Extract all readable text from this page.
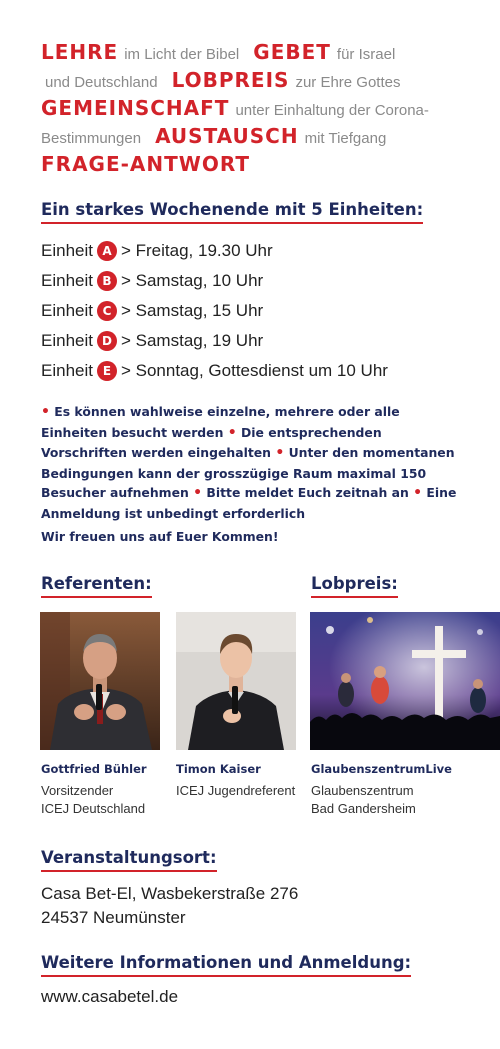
LEHRE im Licht der Bibel GEBET für Israel
und Deutschland LOBPREIS zur Ehre Gottes
GEMEINSCHAFT unter Einhaltung der Corona-
Bestimmungen AUSTAUSCH mit Tiefgang
FRAGE-ANTWORT
Ein starkes Wochenende mit 5 Einheiten:
Einheit A > Freitag, 19.30 Uhr
Einheit B > Samstag, 10 Uhr
Einheit C > Samstag, 15 Uhr
Einheit D > Samstag, 19 Uhr
Einheit E > Sonntag, Gottesdienst um 10 Uhr
• Es können wahlweise einzelne, mehrere oder alle Einheiten besucht werden • Die entsprechenden Vorschriften werden eingehalten • Unter den momentanen Bedingungen kann der grosszügige Raum maximal 150 Besucher aufnehmen • Bitte meldet Euch zeitnah an • Eine Anmeldung ist unbedingt erforderlich
Wir freuen uns auf Euer Kommen!
Referenten:	Lobpreis:
Gottfried Bühler
Vorsitzender
ICEJ Deutschland
Timon Kaiser
ICEJ Jugendreferent
GlaubenszentrumLive
Glaubenszentrum
Bad Gandersheim
Veranstaltungsort:
Casa Bet-El, Wasbekerstraße 276
24537 Neumünster
Weitere Informationen und Anmeldung:
www.casabetel.de
